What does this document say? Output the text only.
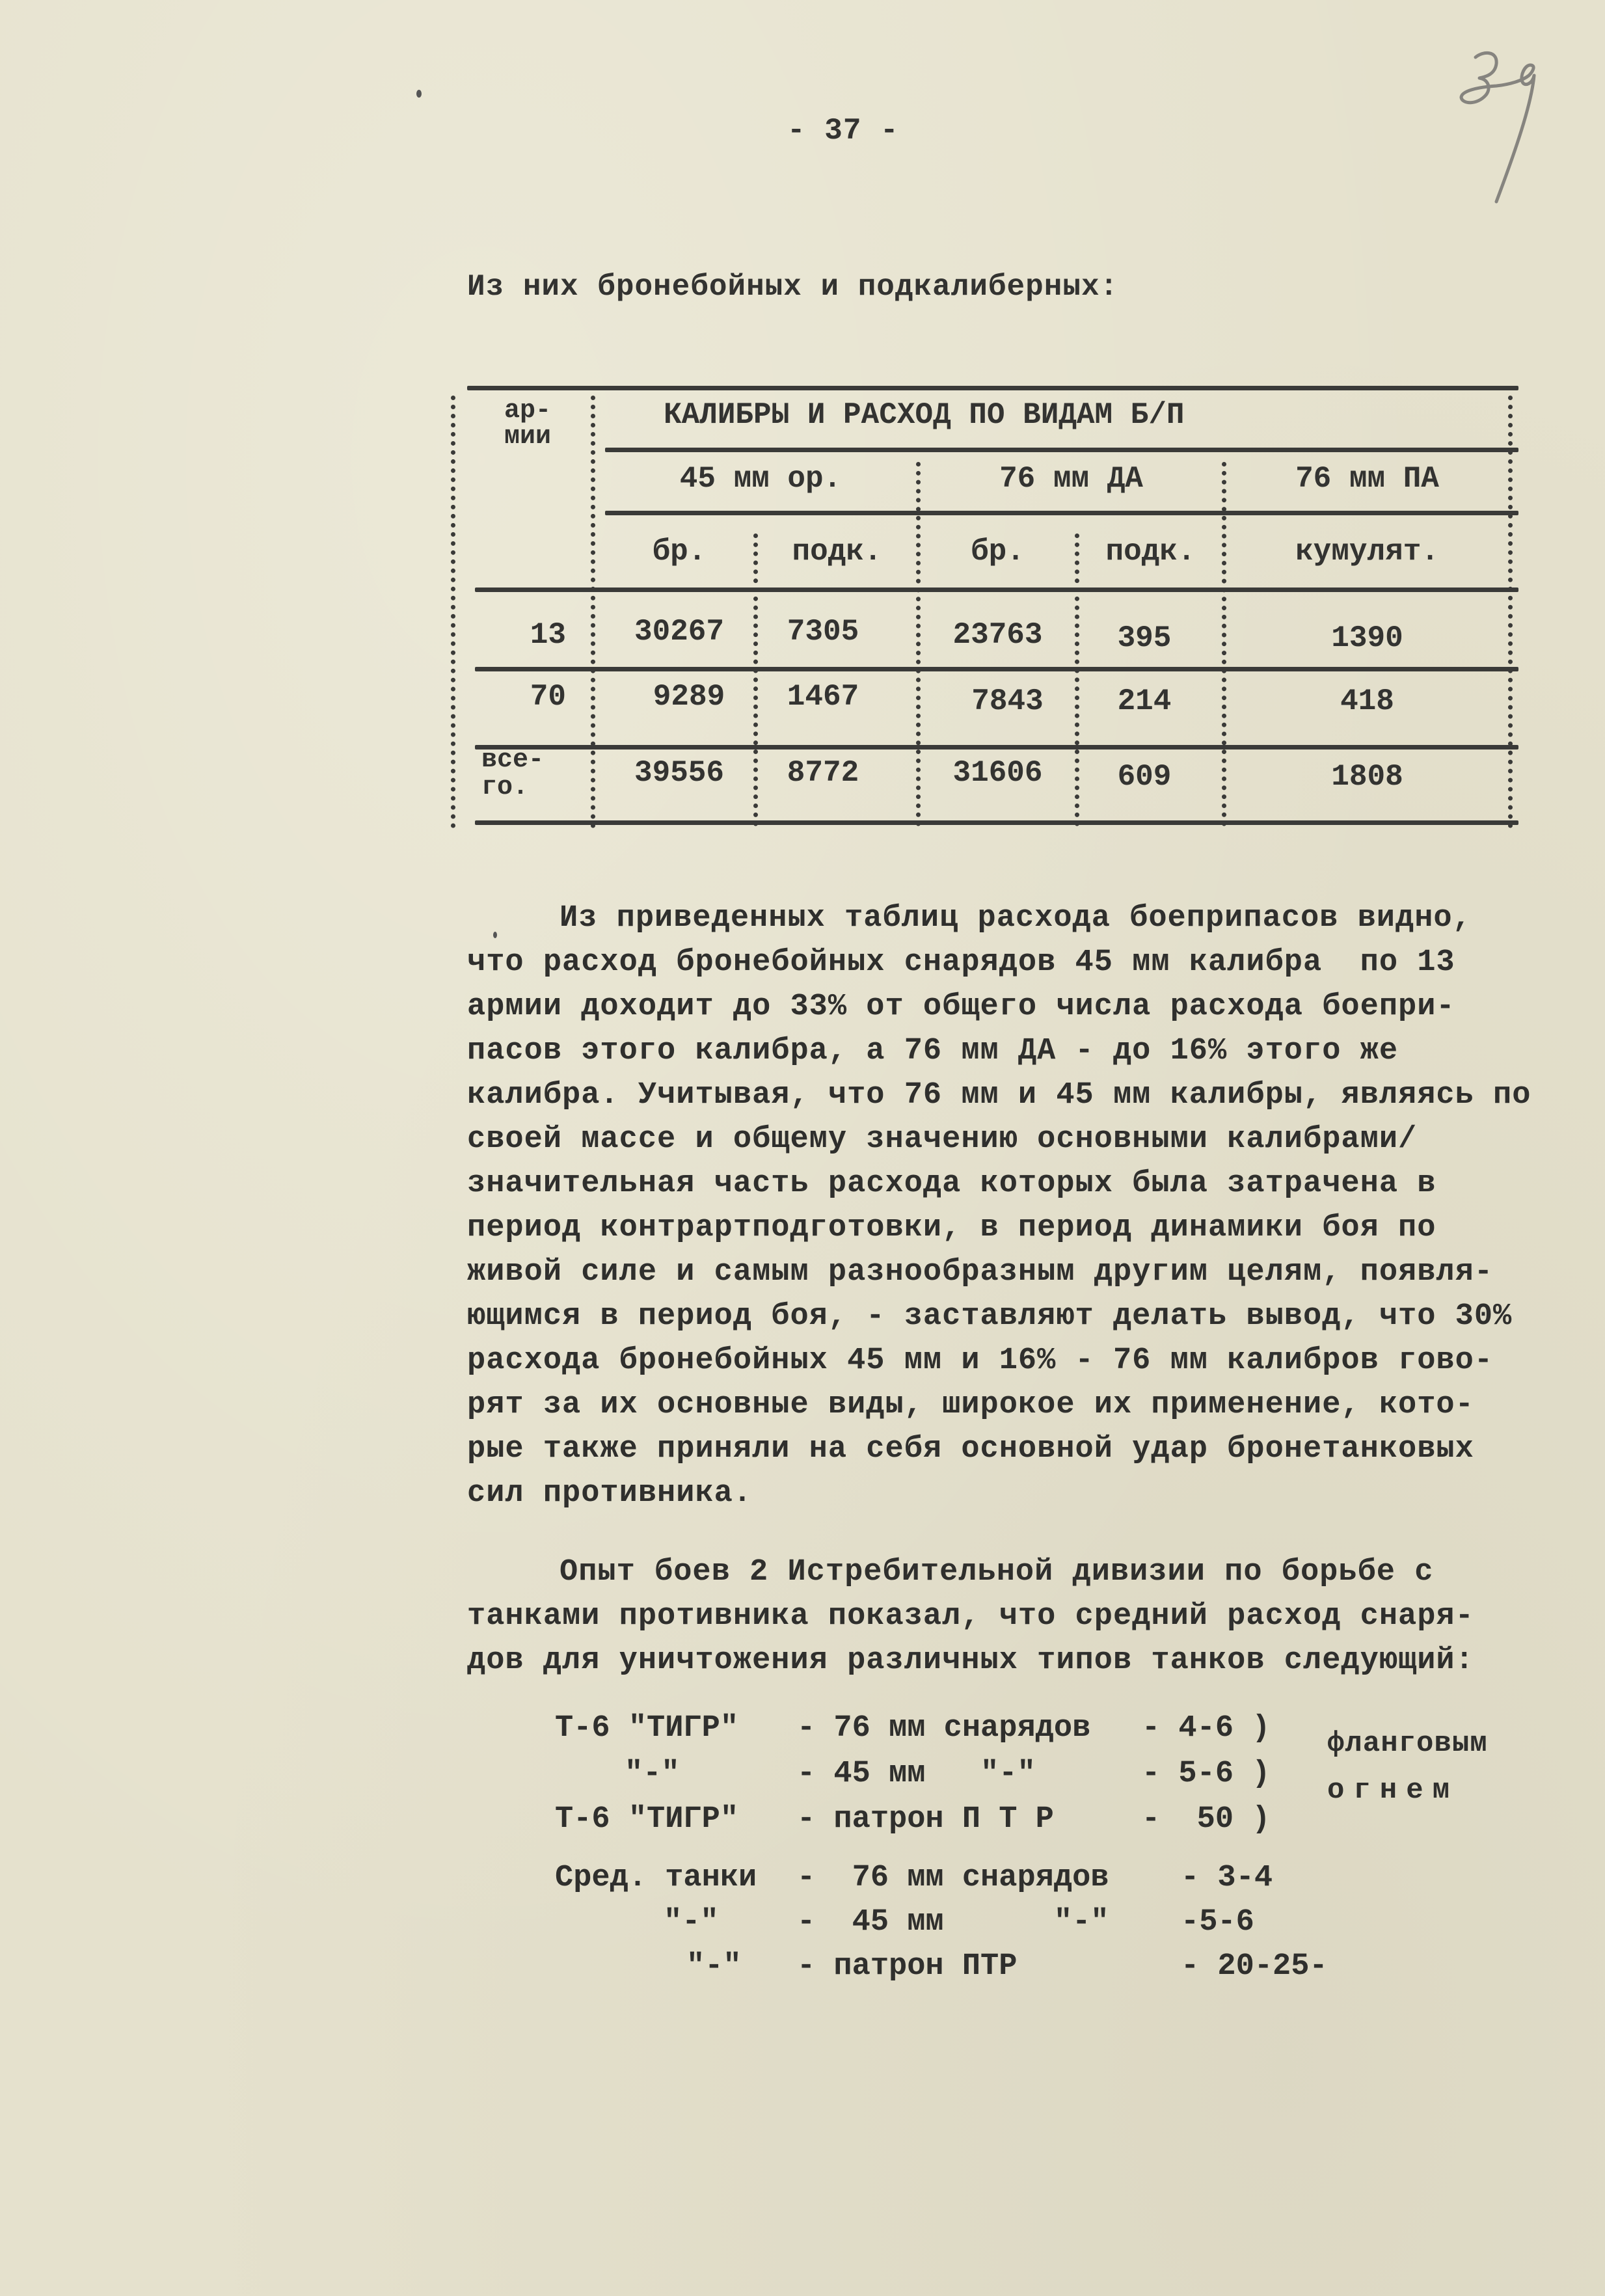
- 37 -
Из них бронебойных и подкалиберных:
ар-
мии
КАЛИБРЫ И РАСХОД ПО ВИДАМ Б/П
45 мм ор.	76 мм ДА	76 мм ПА
бр.	подк.	бр.	подк.	кумулят.
13	30267	7305	23763	395	1390
70	9289	1467	7843	214	418
все-
го.	39556	8772	31606	609	1808
Из приведенных таблиц расхода боеприпасов видно,
что расход бронебойных снарядов 45 мм калибра  по 13
армии доходит до 33% от общего числа расхода боепри-
пасов этого калибра, а 76 мм ДА - до 16% этого же
калибра. Учитывая, что 76 мм и 45 мм калибры, являясь по
своей массе и общему значению основными калибрами/
значительная часть расхода которых была затрачена в
период контрартподготовки, в период динамики боя по
живой силе и самым разнообразным другим целям, появля-
ющимся в период боя, - заставляют делать вывод, что 30%
расхода бронебойных 45 мм и 16% - 76 мм калибров гово-
рят за их основные виды, широкое их применение, кото-
рые также приняли на себя основной удар бронетанковых
сил противника.
Опыт боев 2 Истребительной дивизии по борьбе с
танками противника показал, что средний расход снаря-
дов для уничтожения различных типов танков следующий:
Т-6 "ТИГР" - 76 мм снарядов - 4-6 )
"-"	- 45 мм   "-"	- 5-6 )
Т-6 "ТИГР" - патрон П Т Р	-  50 )
фланговым
огнем
Сред. танки -  76 мм снарядов - 3-4
"-"	-  45 мм      "-" -5-6
"-" - патрон ПТР	- 20-25-
